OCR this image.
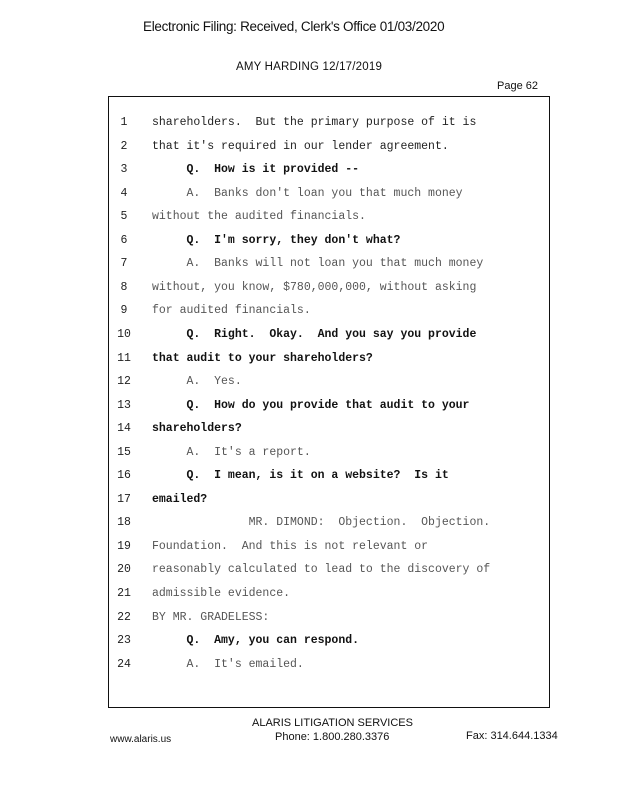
Electronic Filing: Received, Clerk's Office 01/03/2020
AMY HARDING 12/17/2019
Page 62
1	shareholders.  But the primary purpose of it is
2	that it's required in our lender agreement.
3	Q.  How is it provided --
4	A.  Banks don't loan you that much money
5	without the audited financials.
6	Q.  I'm sorry, they don't what?
7	A.  Banks will not loan you that much money
8	without, you know, $780,000,000, without asking
9	for audited financials.
10 Q.  Right.  Okay.  And you say you provide
11 that audit to your shareholders?
12 A.  Yes.
13 Q.  How do you provide that audit to your
14 shareholders?
15 A.  It's a report.
16 Q.  I mean, is it on a website?  Is it
17 emailed?
18 MR. DIMOND:  Objection.  Objection.
19 Foundation.  And this is not relevant or
20 reasonably calculated to lead to the discovery of
21 admissible evidence.
22 BY MR. GRADELESS:
23 Q.  Amy, you can respond.
24 A.  It's emailed.
ALARIS LITIGATION SERVICES
www.alaris.us	Phone: 1.800.280.3376	Fax: 314.644.1334
